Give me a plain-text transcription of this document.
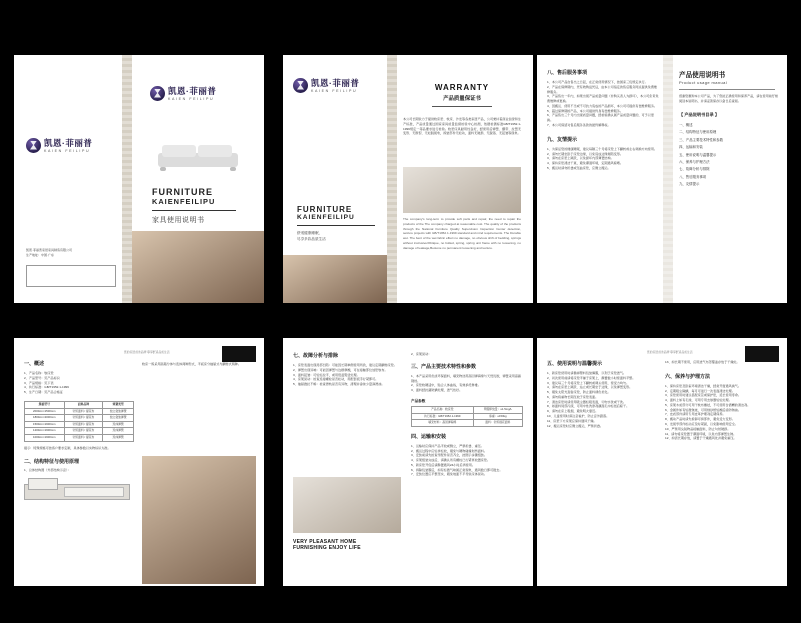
凯恩·菲丽普
KAIEN FEILIPU
凯恩·菲丽普家居家具制造有限公司
生产地址：中国·广东
凯恩·菲丽普
KAIEN FEILIPU
FURNITURE
KAIENFEILIPU
家具使用说明书
凯恩·菲丽普
KAIEN FEILIPU	WARRANTY
产品质量保证书
本公司长期致力于提供软床垫、软床、沙发等各类家居产品，公司秉持着商业信誉和生产标准，产品质量通过国家家具质量监督检验中心检测，依据检测标准GB/T1952.1-1999规定一等品要求进行检验。软垫床具耐用性良好，经使用后弹簧、绷带、拉簧无变形、无断裂、无松脱现象，拆装部件无松动，面料无破损、无脱落、无起皱等现象。
The company's long-term to provide soft parts and repair, the need to repair the products of the The company charged at reasonable cost. The quality of the products through the National Furniture Quality Supervision Inspection Center detection, seizure projects with GB/T1952.1-1999 standard and mind requirements. The Durable wet. The bent of the wet fabric effect no damage, no obvious shift of bedding, springs without instrusive/Obtique, no folded, spring, spring unit frame with no loosening, no damage of leakage,Bestone no permanent loosening and texture.
FURNITURE
KAIENFEILIPU
舒适健康睡眠，
尽享多彩品质生活
八、售后服务事项
1、本公司产品自售出之日起，在正常使用情况下，按国家三包规定执行。
2、产品在保修期内，凭有效购货凭证，由本公司指定的售后服务网点提供免费维修服务。
3、产品售出一年内，如果出现产品质量问题（非购买者人为损坏），本公司负责免费维修或更换。
4、因搬运、使用不当或不可抗力造成的产品损坏，本公司可提供有偿维修服务。
5、超过保修期的产品，本公司提供终身有偿维修服务。
6、产品售出三个月内出现质量问题，经检验确认属产品质量问题的，可予以更换。
7、本公司保留对售后服务条款的最终解释权。
九、友情提示
1、为保证您的健康睡眠，建议每隔三个月将床垫上下翻转或左右调换方向使用。
2、请勿长期坐卧于床垫边缘，以免造成边缘塌陷变形。
3、请勿在床垫上跳跃，以免损坏内部弹簧结构。
4、保持床垫清洁干爽，避免潮湿环境，定期通风晾晒。
5、搬运时请勿折叠或压曲床垫，应侧立搬运。
产品使用说明书
Product usage manual
感谢您惠购本公司产品，为了您能正确使用和保养产品，请在使用前仔细阅读本说明书，并请妥善保存以备日后查阅。
【 产品说明书目录 】
一、概述
二、结构特征与使用原理
三、产品主要技术特性和参数
四、运输和安装
五、使用说明与温馨提示
六、保养与护理方法
七、故障分析与排除
八、售后服务事项
九、友情提示
您的家居首选品牌 尊享舒适品质生活
一、概述
1、产品名称：软床垫
2、产品型号：见产品标识
3、产品规格：见下表
4、执行标准：GB/T1952.1-1999
5、生产日期：见产品合格证
规格型号	面料品种	弹簧类型
2000cm×1500mm	针织面料 / 提花布	独立袋装弹簧
1800cm×2000mm	针织面料 / 提花布	独立袋装弹簧
1500cm×1900mm	针织面料 / 提花布	连体弹簧
1200cm×1900mm	针织面料 / 提花布	连体弹簧
1000cm×1900mm	针织面料 / 提花布	连体弹簧
提示：特殊规格可按客户要求定制，具体参数以实物标识为准。
二、结构特征与使用原理
1、总体结构图（外部结构示意）：
软床一般采用高箱分体与连体两种形式，平板床分抽屉式与翻转式两种。
七、故障分析与排除
1、床垫表面出现局部凹陷：可能因长期单侧使用所致，建议定期翻转床垫。
2、弹簧出现异响：可能因弹簧与边框摩擦，可在接触部位加垫软布。
3、面料起皱：可轻轻拉平，或用低温熨烫处理。
4、床架晃动：检查连接螺栓是否松动，用配套扳手拧紧即可。
5、抽屉推拉不畅：检查滑轨是否有异物，清理并涂抹少量润滑油。
VERY PLEASANT HOME
FURNISHING ENJOY LIFE
2、床架晃动：
三、产品主要技术特性和参数
1、本产品采用优质环保面料，填充物选用高回弹海绵与天然乳胶，弹簧采用高碳钢丝。
2、床垫软硬适中，贴合人体曲线，有效承托脊椎。
3、面料经抗菌防螨处理，透气性好。
产品参数
产品名称：软床垫	甲醛释放量：≤1.5mg/L
执行标准：GB/T1952.1-1999	承重：≤150kg
填充材料：高回弹海绵	面料：针织提花面料
四、运输和安装
1、运输时应保持产品平放或侧立，严禁折叠、重压。
2、搬运过程中应轻拿轻放，避免与硬物碰撞划伤面料。
3、安装前请先检查零配件是否齐全，按图示步骤组装。
4、床架组装完成后，请确认所有螺栓已拧紧再放置床垫。
5、新床垫开包后请静置通风24小时后再使用。
6、拆除包装膜后，如有轻微气味属正常现象，通风数日即可散去。
7、安装位置应平整坚实，避免地面不平导致床体晃动。
您的家居首选品牌 尊享舒适品质生活
五、使用说明与温馨提示
1、新床垫使用时请撕掉塑料包装薄膜，以利于床垫透气。
2、初次使用前请将床垫平铺于床架上，静置数小时使面料平整。
3、建议每三个月将床垫上下翻转或调头使用，使受力均匀。
4、请勿在床垫上跳跃、站立或长期坐于边缘，以免弹簧变形。
5、避免太阳光直射床垫，防止面料褪色老化。
6、请勿将重物长期压放于床垫表面。
7、清洁床垫时请使用吸尘器轻吸表面，切勿水洗或干洗。
8、如面料局部污渍，可用中性洗涤剂蘸湿毛巾轻拭后晾干。
9、请勿在床上吸烟，避免明火靠近。
10、儿童使用时请注意看护，防止意外跌落。
11、床垫下方床架应保持通风干燥。
12、搬运床垫时应侧立搬运，严禁折叠。
13、如长期不使用，应用透气布罩覆盖存放于干燥处。
六、保养与护理方法
1、保持床垫及卧室环境清洁干燥，经常开窗通风换气。
2、定期吸尘除螨，每月可进行一次表面清洁处理。
3、床垫使用时建议搭配床笠或保护垫，延长使用寿命。
4、面料上如有毛球，可用专用去球器轻轻处理。
5、床架木质部分可用干软布擦拭，不可使用含酒精的清洁剂。
6、金属件如有轻微锈迹，可用细砂纸轻擦后涂防锈油。
7、皮质部件请用专用皮革护理剂定期保养。
8、搬动产品时请先拆卸可拆部件，避免受力变形。
9、发现零部件松动应及时紧固，以免影响使用安全。
10、严禁用尖锐物品接触面料，防止勾丝破损。
11、请勿将床垫置于潮湿环境，以免内部弹簧生锈。
12、如需长期存放，请置于干燥通风处并避免重压。
